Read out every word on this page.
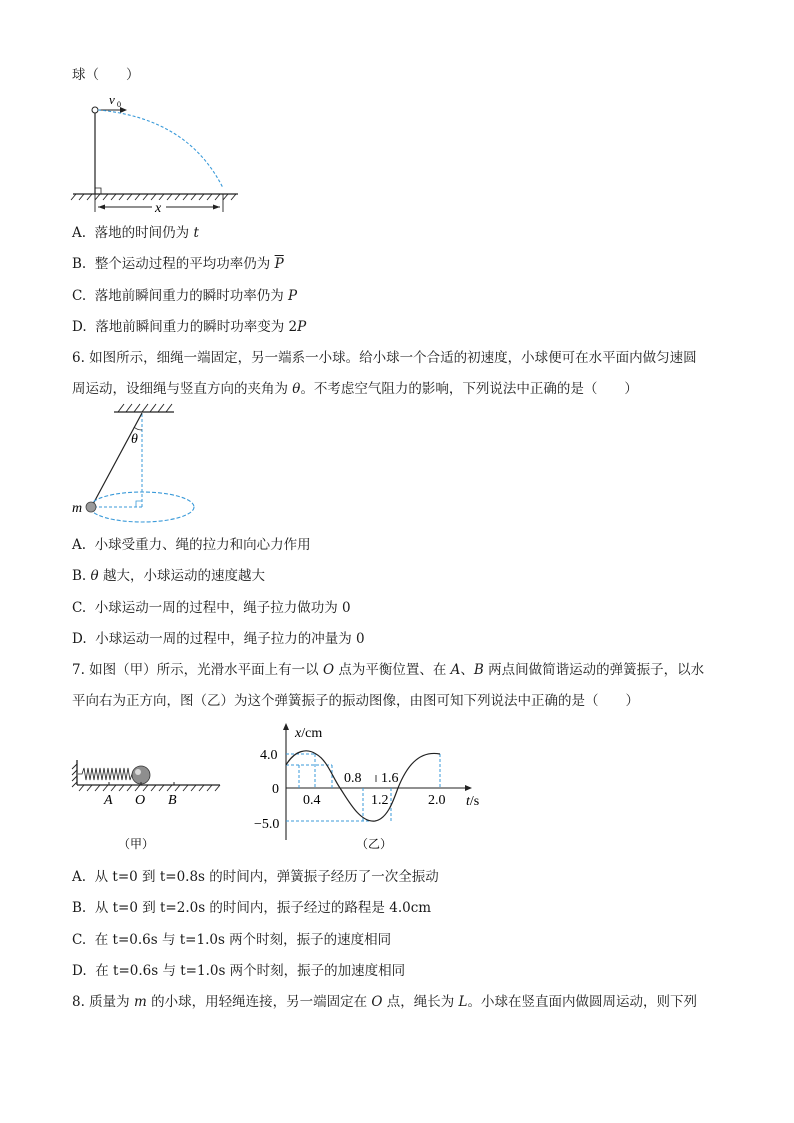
球（　　）
v 0
x
A. 落地的时间仍为 t
B. 整个运动过程的平均功率仍为 $\overline{P}$
C. 落地前瞬间重力的瞬时功率仍为 P
D. 落地前瞬间重力的瞬时功率变为 2P
6. 如图所示，细绳一端固定，另一端系一小球。给小球一个合适的初速度，小球便可在水平面内做匀速圆
周运动，设细绳与竖直方向的夹角为 θ。不考虑空气阻力的影响，下列说法中正确的是（　　）
θ
m
A. 小球受重力、绳的拉力和向心力作用
B. θ 越大，小球运动的速度越大
C. 小球运动一周的过程中，绳子拉力做功为 0
D. 小球运动一周的过程中，绳子拉力的冲量为 0
7. 如图（甲）所示，光滑水平面上有一以 O 点为平衡位置、在 A、B 两点间做简谐运动的弹簧振子，以水
平向右为正方向，图（乙）为这个弹簧振子的振动图像，由图可知下列说法中正确的是（　　）
A O B
（甲）
x/cm
t/s
0
4.0
−5.0
0.4
0.8
1.2
1.6
2.0
（乙）
A. 从 t=0 到 t=0.8s 的时间内，弹簧振子经历了一次全振动
B. 从 t=0 到 t=2.0s 的时间内，振子经过的路程是 4.0cm
C. 在 t=0.6s 与 t=1.0s 两个时刻，振子的速度相同
D. 在 t=0.6s 与 t=1.0s 两个时刻，振子的加速度相同
8. 质量为 m 的小球，用轻绳连接，另一端固定在 O 点，绳长为 L。小球在竖直面内做圆周运动，则下列
